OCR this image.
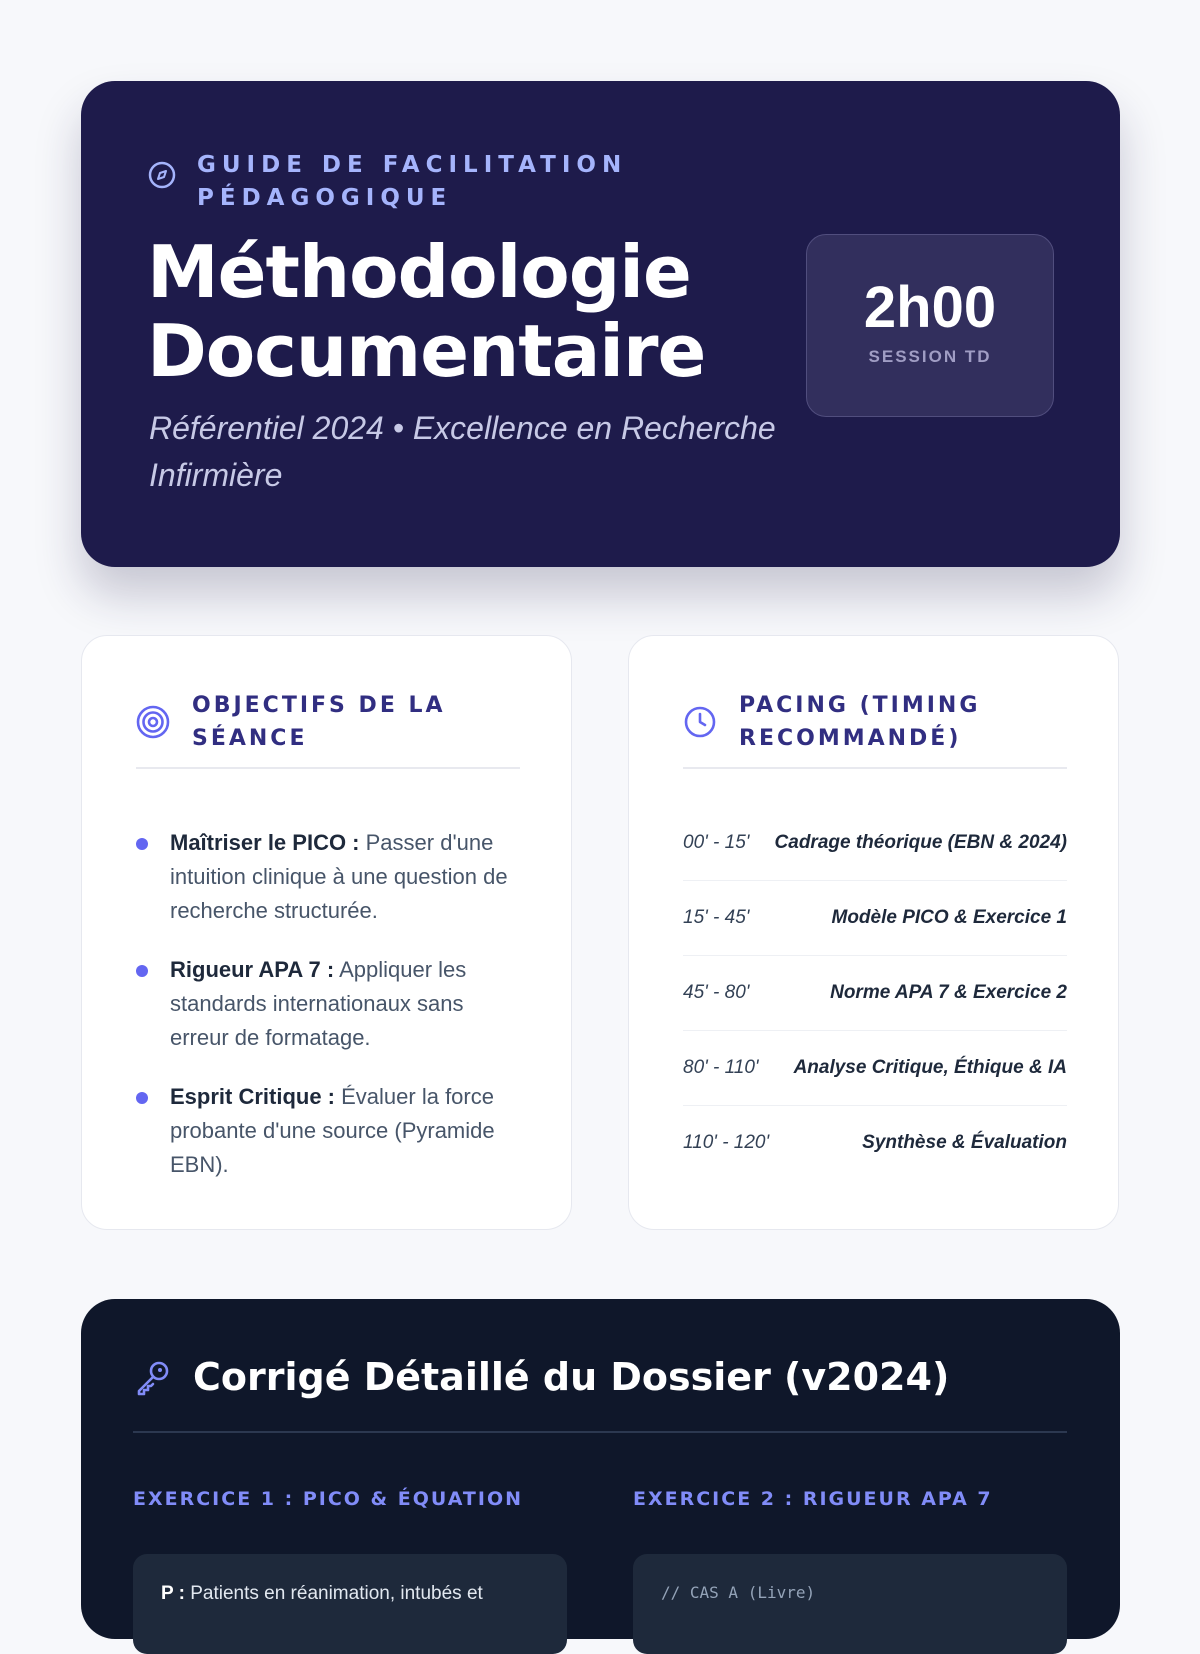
GUIDE DE FACILITATION PÉDAGOGIQUE
Méthodologie
Documentaire
Référentiel 2024 • Excellence en Recherche Infirmière
2h00
SESSION TD
OBJECTIFS DE LA SÉANCE
Maîtriser le PICO : Passer d'une intuition clinique à une question de recherche structurée.
Rigueur APA 7 : Appliquer les standards internationaux sans erreur de formatage.
Esprit Critique : Évaluer la force probante d'une source (Pyramide EBN).
PACING (TIMING RECOMMANDÉ)
00' - 15' Cadrage théorique (EBN & 2024)
15' - 45'	Modèle PICO & Exercice 1
45' - 80'	Norme APA 7 & Exercice 2
80' - 110' Analyse Critique, Éthique & IA
110' - 120'	Synthèse & Évaluation
Corrigé Détaillé du Dossier (v2024)
EXERCICE 1 : PICO & ÉQUATION	EXERCICE 2 : RIGUEUR APA 7
P : Patients en réanimation, intubés et	// CAS A (Livre)
